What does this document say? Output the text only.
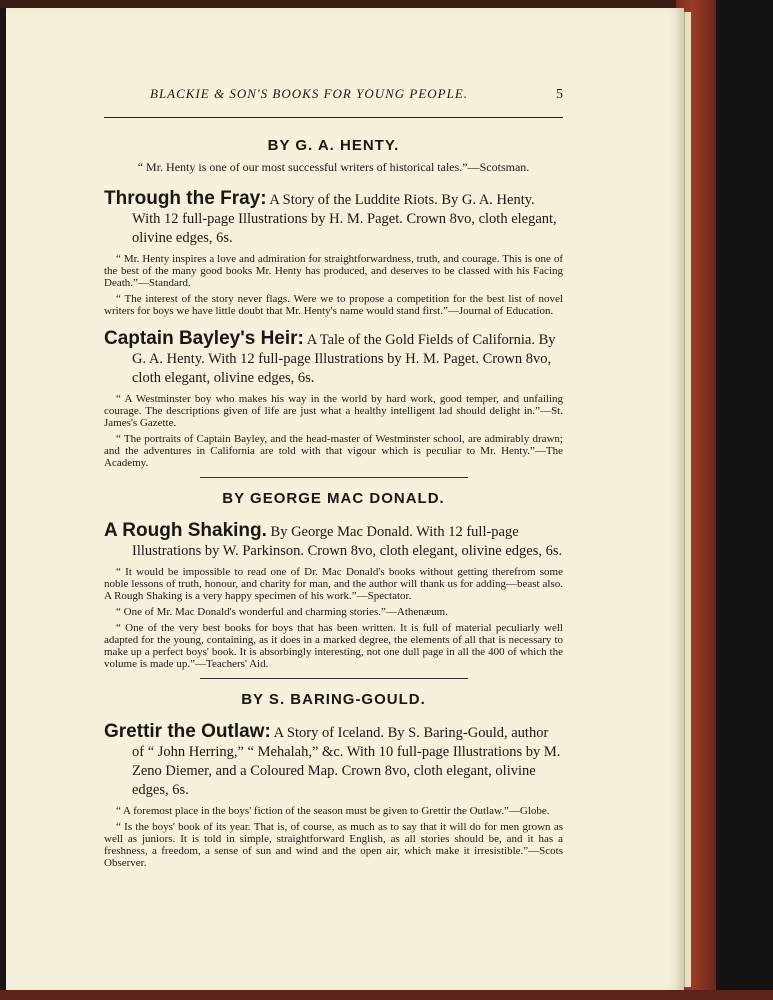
BLACKIE & SON'S BOOKS FOR YOUNG PEOPLE.	5
BY G. A. HENTY.
“ Mr. Henty is one of our most successful writers of historical tales.”—Scotsman.

Through the Fray: A Story of the Luddite Riots. By G. A. Henty. With 12 full-page Illustrations by H. M. Paget. Crown 8vo, cloth elegant, olivine edges, 6s.

“ Mr. Henty inspires a love and admiration for straightforwardness, truth, and courage. This is one of the best of the many good books Mr. Henty has produced, and deserves to be classed with his Facing Death.”—Standard.

“ The interest of the story never flags. Were we to propose a competition for the best list of novel writers for boys we have little doubt that Mr. Henty's name would stand first.”—Journal of Education.

Captain Bayley's Heir: A Tale of the Gold Fields of California. By G. A. Henty. With 12 full-page Illustrations by H. M. Paget. Crown 8vo, cloth elegant, olivine edges, 6s.

“ A Westminster boy who makes his way in the world by hard work, good temper, and unfailing courage. The descriptions given of life are just what a healthy intelligent lad should delight in.”—St. James's Gazette.

“ The portraits of Captain Bayley, and the head-master of Westminster school, are admirably drawn; and the adventures in California are told with that vigour which is peculiar to Mr. Henty.”—The Academy.

BY GEORGE MAC DONALD.

A Rough Shaking. By George Mac Donald. With 12 full-page Illustrations by W. Parkinson. Crown 8vo, cloth elegant, olivine edges, 6s.

“ It would be impossible to read one of Dr. Mac Donald's books without getting therefrom some noble lessons of truth, honour, and charity for man, and the author will thank us for adding—beast also. A Rough Shaking is a very happy specimen of his work.”—Spectator.

“ One of Mr. Mac Donald's wonderful and charming stories.”—Athenæum.

“ One of the very best books for boys that has been written. It is full of material peculiarly well adapted for the young, containing, as it does in a marked degree, the elements of all that is necessary to make up a perfect boys' book. It is absorbingly interesting, not one dull page in all the 400 of which the volume is made up.”—Teachers' Aid.

BY S. BARING-GOULD.

Grettir the Outlaw: A Story of Iceland. By S. Baring-Gould, author of “ John Herring,” “ Mehalah,” &c. With 10 full-page Illustrations by M. Zeno Diemer, and a Coloured Map. Crown 8vo, cloth elegant, olivine edges, 6s.

“ A foremost place in the boys' fiction of the season must be given to Grettir the Outlaw.”—Globe.

“ Is the boys' book of its year. That is, of course, as much as to say that it will do for men grown as well as juniors. It is told in simple, straightforward English, as all stories should be, and it has a freshness, a freedom, a sense of sun and wind and the open air, which make it irresistible.”—Scots Observer.
